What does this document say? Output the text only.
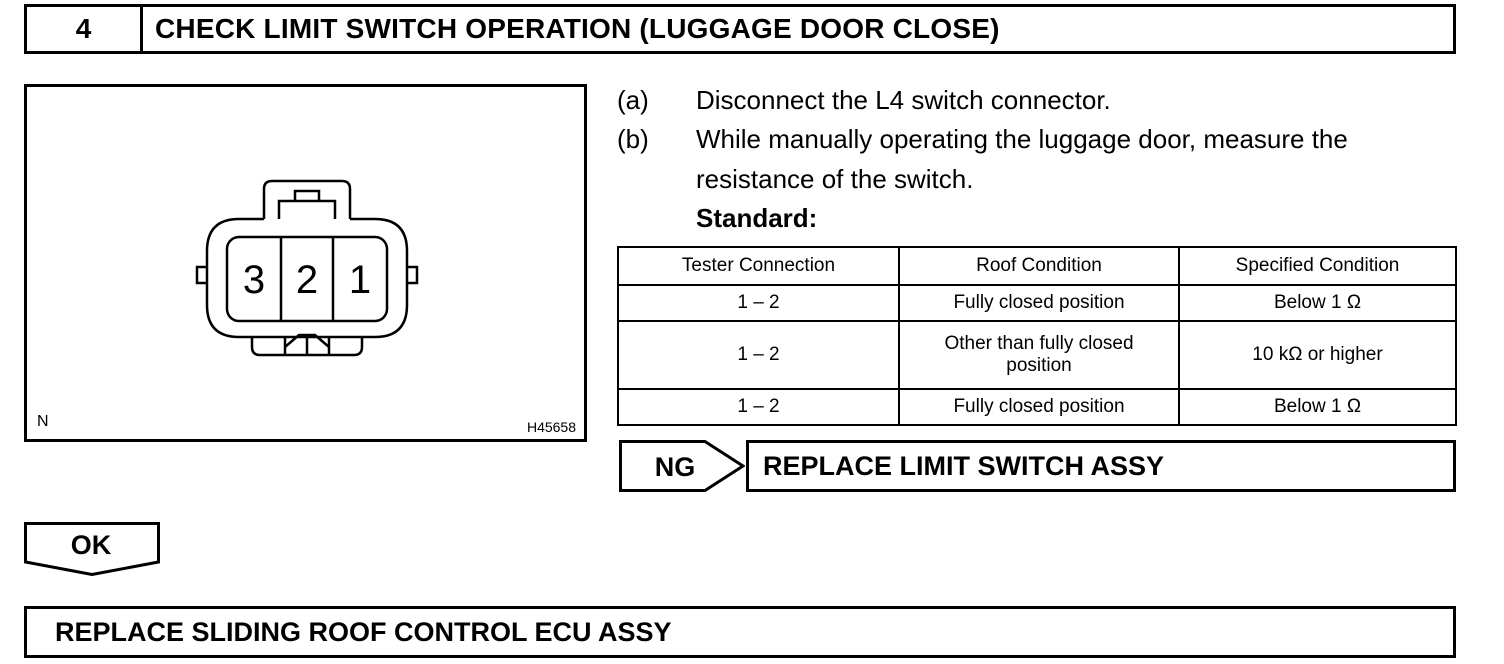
4	CHECK LIMIT SWITCH OPERATION (LUGGAGE DOOR CLOSE)
3 2 1
N	H45658
(a) Disconnect the L4 switch connector.
(b) While manually operating the luggage door, measure the
resistance of the switch.
Standard:
Tester Connection	Roof Condition	Specified Condition
1 – 2	Fully closed position	Below 1 Ω
1 – 2	Other than fully closed
position	10 kΩ or higher
1 – 2	Fully closed position	Below 1 Ω
NG	REPLACE LIMIT SWITCH ASSY
OK
REPLACE SLIDING ROOF CONTROL ECU ASSY
